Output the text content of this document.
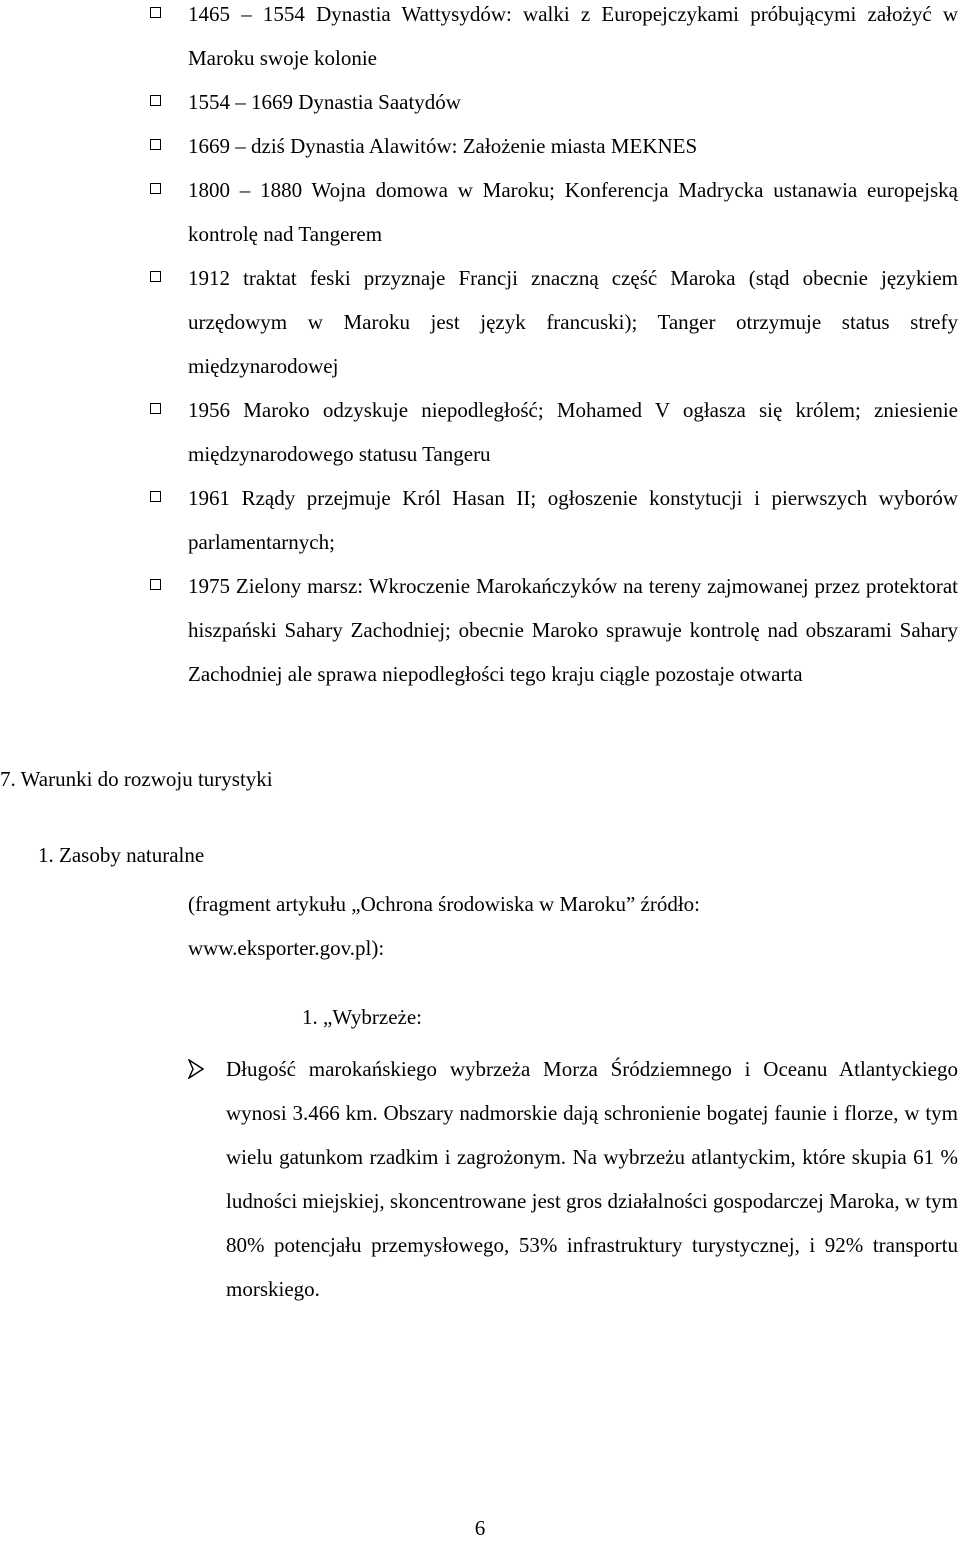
1465 – 1554 Dynastia Wattysydów: walki z Europejczykami próbującymi założyć w Maroku swoje kolonie
1554 – 1669 Dynastia Saatydów
1669 – dziś Dynastia Alawitów: Założenie miasta MEKNES
1800 – 1880 Wojna domowa w Maroku; Konferencja Madrycka ustanawia europejską kontrolę nad Tangerem
1912 traktat feski przyznaje Francji znaczną część Maroka (stąd obecnie językiem urzędowym w Maroku jest język francuski); Tanger otrzymuje status strefy międzynarodowej
1956 Maroko odzyskuje niepodległość; Mohamed V ogłasza się królem; zniesienie międzynarodowego statusu Tangeru
1961 Rządy przejmuje Król Hasan II; ogłoszenie konstytucji i pierwszych wyborów parlamentarnych;
1975 Zielony marsz: Wkroczenie Marokańczyków na tereny zajmowanej przez protektorat hiszpański Sahary Zachodniej; obecnie Maroko sprawuje kontrolę nad obszarami Sahary Zachodniej ale sprawa niepodległości tego kraju ciągle pozostaje otwarta
7. Warunki do rozwoju turystyki
1. Zasoby naturalne
(fragment artykułu „Ochrona środowiska w Maroku” źródło: www.eksporter.gov.pl):
1. „Wybrzeże:
Długość marokańskiego wybrzeża Morza Śródziemnego i Oceanu Atlantyckiego wynosi 3.466 km. Obszary nadmorskie dają schronienie bogatej faunie i florze, w tym wielu gatunkom rzadkim i zagrożonym. Na wybrzeżu atlantyckim, które skupia 61 % ludności miejskiej, skoncentrowane jest gros działalności gospodarczej Maroka, w tym 80% potencjału przemysłowego, 53% infrastruktury turystycznej, i 92% transportu morskiego.
6
